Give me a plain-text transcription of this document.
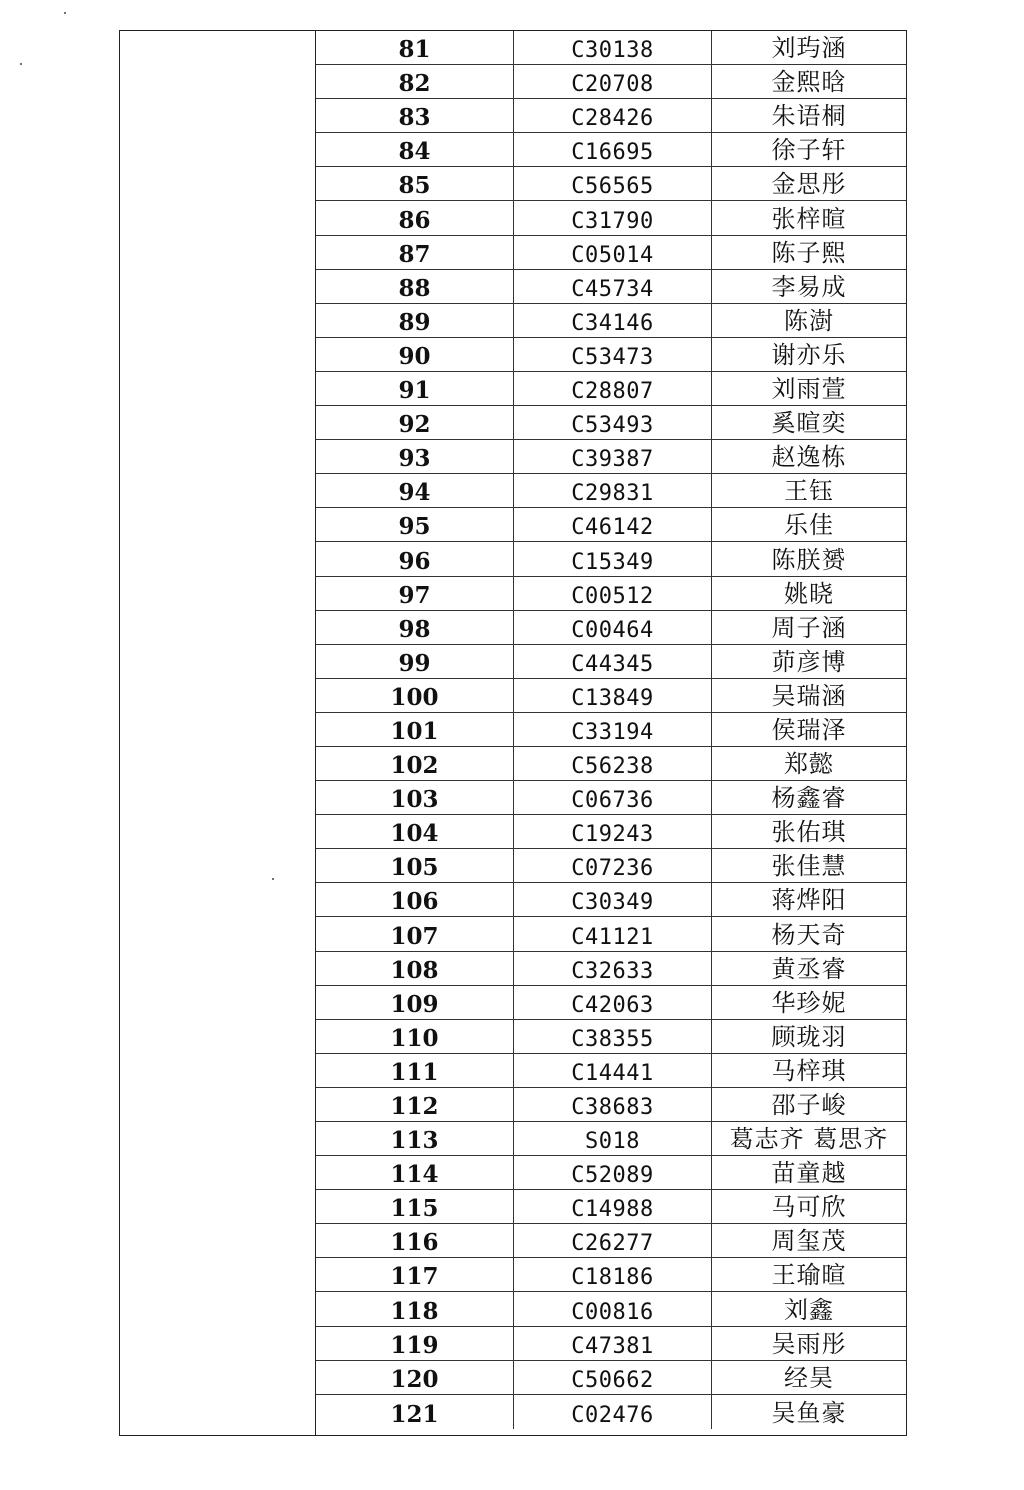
81	C30138	刘玙涵
82	C20708	金熙晗
83	C28426	朱语桐
84	C16695	徐子轩
85	C56565	金思彤
86	C31790	张梓暄
87	C05014	陈子熙
88	C45734	李易成
89	C34146	陈澍
90	C53473	谢亦乐
91	C28807	刘雨萱
92	C53493	奚暄奕
93	C39387	赵逸栋
94	C29831	王钰
95	C46142	乐佳
96	C15349	陈朕赟
97	C00512	姚晓
98	C00464	周子涵
99	C44345	茆彦博
100	C13849	吴瑞涵
101	C33194	侯瑞泽
102	C56238	郑懿
103	C06736	杨鑫睿
104	C19243	张佑琪
105	C07236	张佳慧
106	C30349	蒋烨阳
107	C41121	杨天奇
108	C32633	黄丞睿
109	C42063	华珍妮
110	C38355	顾珑羽
111	C14441	马梓琪
112	C38683	邵子峻
113	S018	葛志齐 葛思齐
114	C52089	苗童越
115	C14988	马可欣
116	C26277	周玺茂
117	C18186	王瑜暄
118	C00816	刘鑫
119	C47381	吴雨彤
120	C50662	经昊
121	C02476	吴鱼豪
